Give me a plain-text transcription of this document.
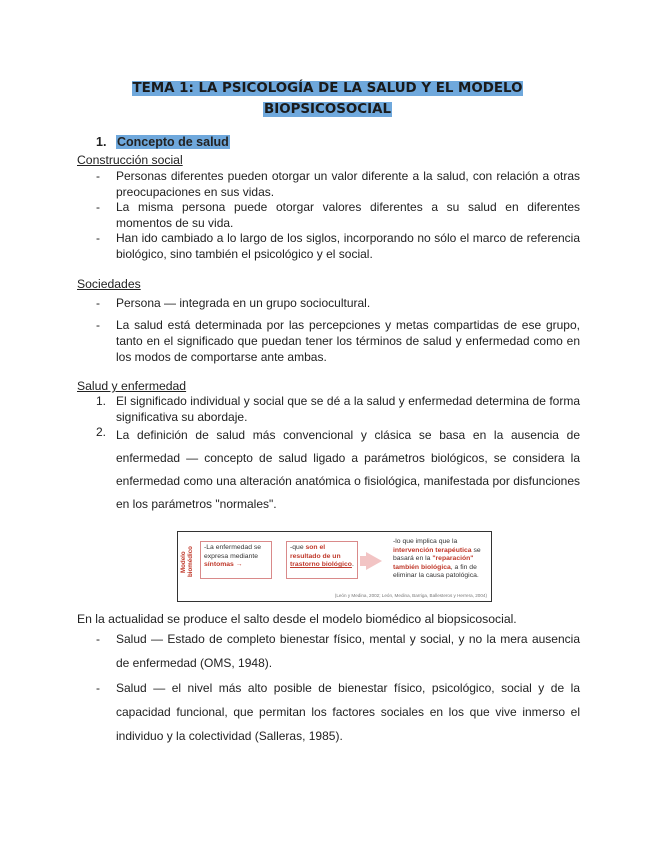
TEMA 1: LA PSICOLOGÍA DE LA SALUD Y EL MODELO
BIOPSICOSOCIAL
1. Concepto de salud
Construcción social
-	Personas diferentes pueden otorgar un valor diferente a la salud, con relación a otras preocupaciones en sus vidas.
-	La misma persona puede otorgar valores diferentes a su salud en diferentes momentos de su vida.
-	Han ido cambiado a lo largo de los siglos, incorporando no sólo el marco de referencia biológico, sino también el psicológico y el social.
Sociedades
-	Persona — integrada en un grupo sociocultural.
-	La salud está determinada por las percepciones y metas compartidas de ese grupo, tanto en el significado que puedan tener los términos de salud y enfermedad como en los modos de comportarse ante ambas.
Salud y enfermedad
1. El significado individual y social que se dé a la salud y enfermedad determina de forma significativa su abordaje.
2. La definición de salud más convencional y clásica se basa en la ausencia de enfermedad — concepto de salud ligado a parámetros biológicos, se considera la enfermedad como una alteración anatómica o fisiológica, manifestada por disfunciones en los parámetros "normales".
Modelo biomédico	-La enfermedad se expresa mediante síntomas →
-que son el resultado de un trastorno biológico.
-lo que implica que la intervención terapéutica se basará en la "reparación" también biológica, a fin de eliminar la causa patológica.
(León y Medina, 2002; León, Medina, Barriga, Ballesteros y Herrera, 2004)
En la actualidad se produce el salto desde el modelo biomédico al biopsicosocial.
-	Salud — Estado de completo bienestar físico, mental y social, y no la mera ausencia de enfermedad (OMS, 1948).
-	Salud — el nivel más alto posible de bienestar físico, psicológico, social y de la capacidad funcional, que permitan los factores sociales en los que vive inmerso el individuo y la colectividad (Salleras, 1985).
